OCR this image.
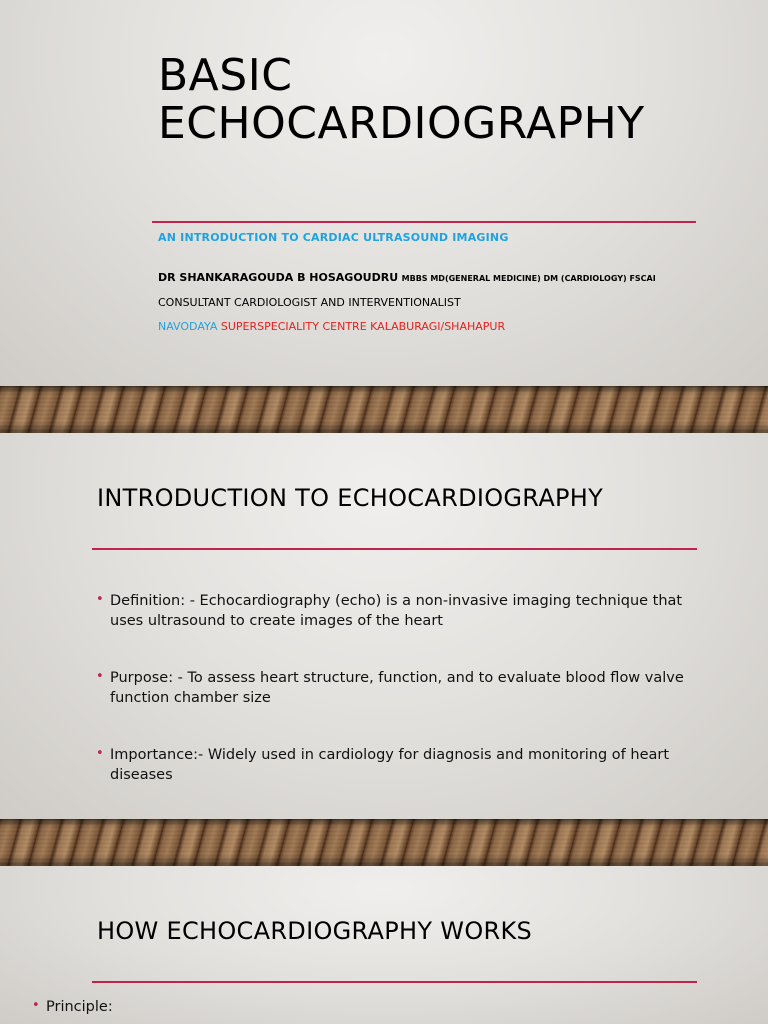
BASIC
ECHOCARDIOGRAPHY
AN INTRODUCTION TO CARDIAC ULTRASOUND IMAGING
DR SHANKARAGOUDA B HOSAGOUDRU MBBS MD(GENERAL MEDICINE) DM (CARDIOLOGY) FSCAI
CONSULTANT CARDIOLOGIST AND INTERVENTIONALIST
NAVODAYA SUPERSPECIALITY CENTRE KALABURAGI/SHAHAPUR
INTRODUCTION TO ECHOCARDIOGRAPHY
• Definition: - Echocardiography (echo) is a non-invasive imaging technique that uses ultrasound to create images of the heart
• Purpose: - To assess heart structure, function, and to evaluate blood flow valve function chamber size
• Importance:- Widely used in cardiology for diagnosis and monitoring of heart diseases
HOW ECHOCARDIOGRAPHY WORKS
• Principle:
